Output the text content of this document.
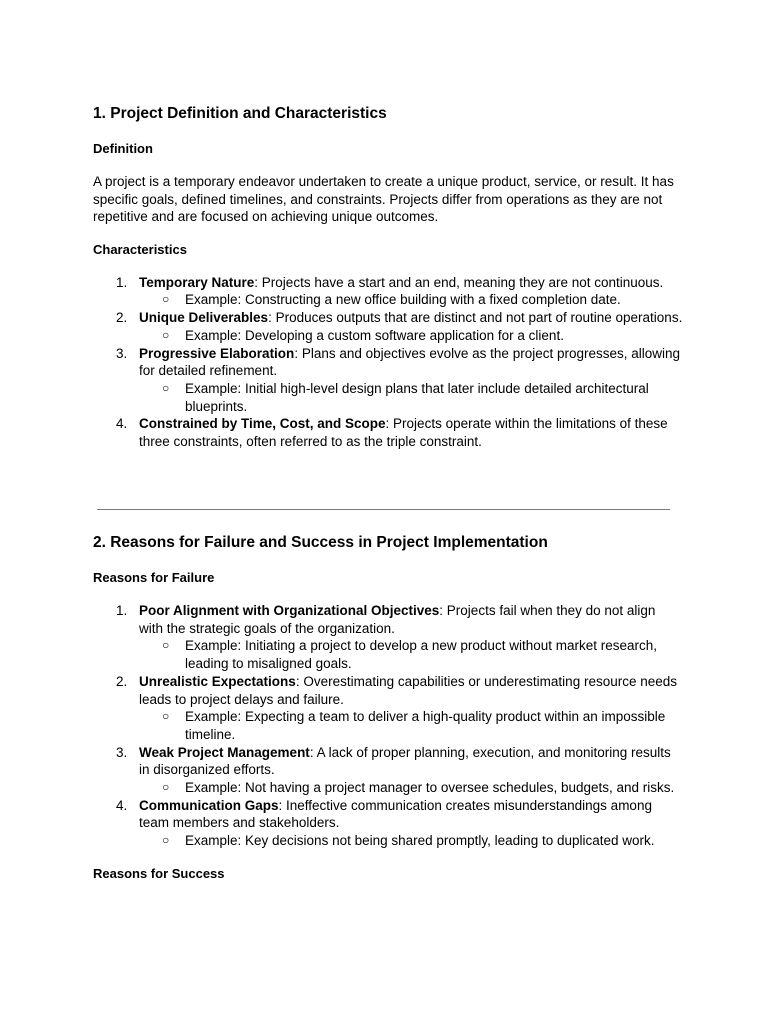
1. Project Definition and Characteristics
Definition

A project is a temporary endeavor undertaken to create a unique product, service, or result. It has specific goals, defined timelines, and constraints. Projects differ from operations as they are not repetitive and are focused on achieving unique outcomes.

Characteristics
1. Temporary Nature: Projects have a start and an end, meaning they are not continuous.
○ Example: Constructing a new office building with a fixed completion date.
2. Unique Deliverables: Produces outputs that are distinct and not part of routine operations.
○ Example: Developing a custom software application for a client.
3. Progressive Elaboration: Plans and objectives evolve as the project progresses, allowing for detailed refinement.
○ Example: Initial high-level design plans that later include detailed architectural blueprints.
4. Constrained by Time, Cost, and Scope: Projects operate within the limitations of these three constraints, often referred to as the triple constraint.
2. Reasons for Failure and Success in Project Implementation
Reasons for Failure
1. Poor Alignment with Organizational Objectives: Projects fail when they do not align with the strategic goals of the organization.
○ Example: Initiating a project to develop a new product without market research, leading to misaligned goals.
2. Unrealistic Expectations: Overestimating capabilities or underestimating resource needs leads to project delays and failure.
○ Example: Expecting a team to deliver a high-quality product within an impossible timeline.
3. Weak Project Management: A lack of proper planning, execution, and monitoring results in disorganized efforts.
○ Example: Not having a project manager to oversee schedules, budgets, and risks.
4. Communication Gaps: Ineffective communication creates misunderstandings among team members and stakeholders.
○ Example: Key decisions not being shared promptly, leading to duplicated work.
Reasons for Success
